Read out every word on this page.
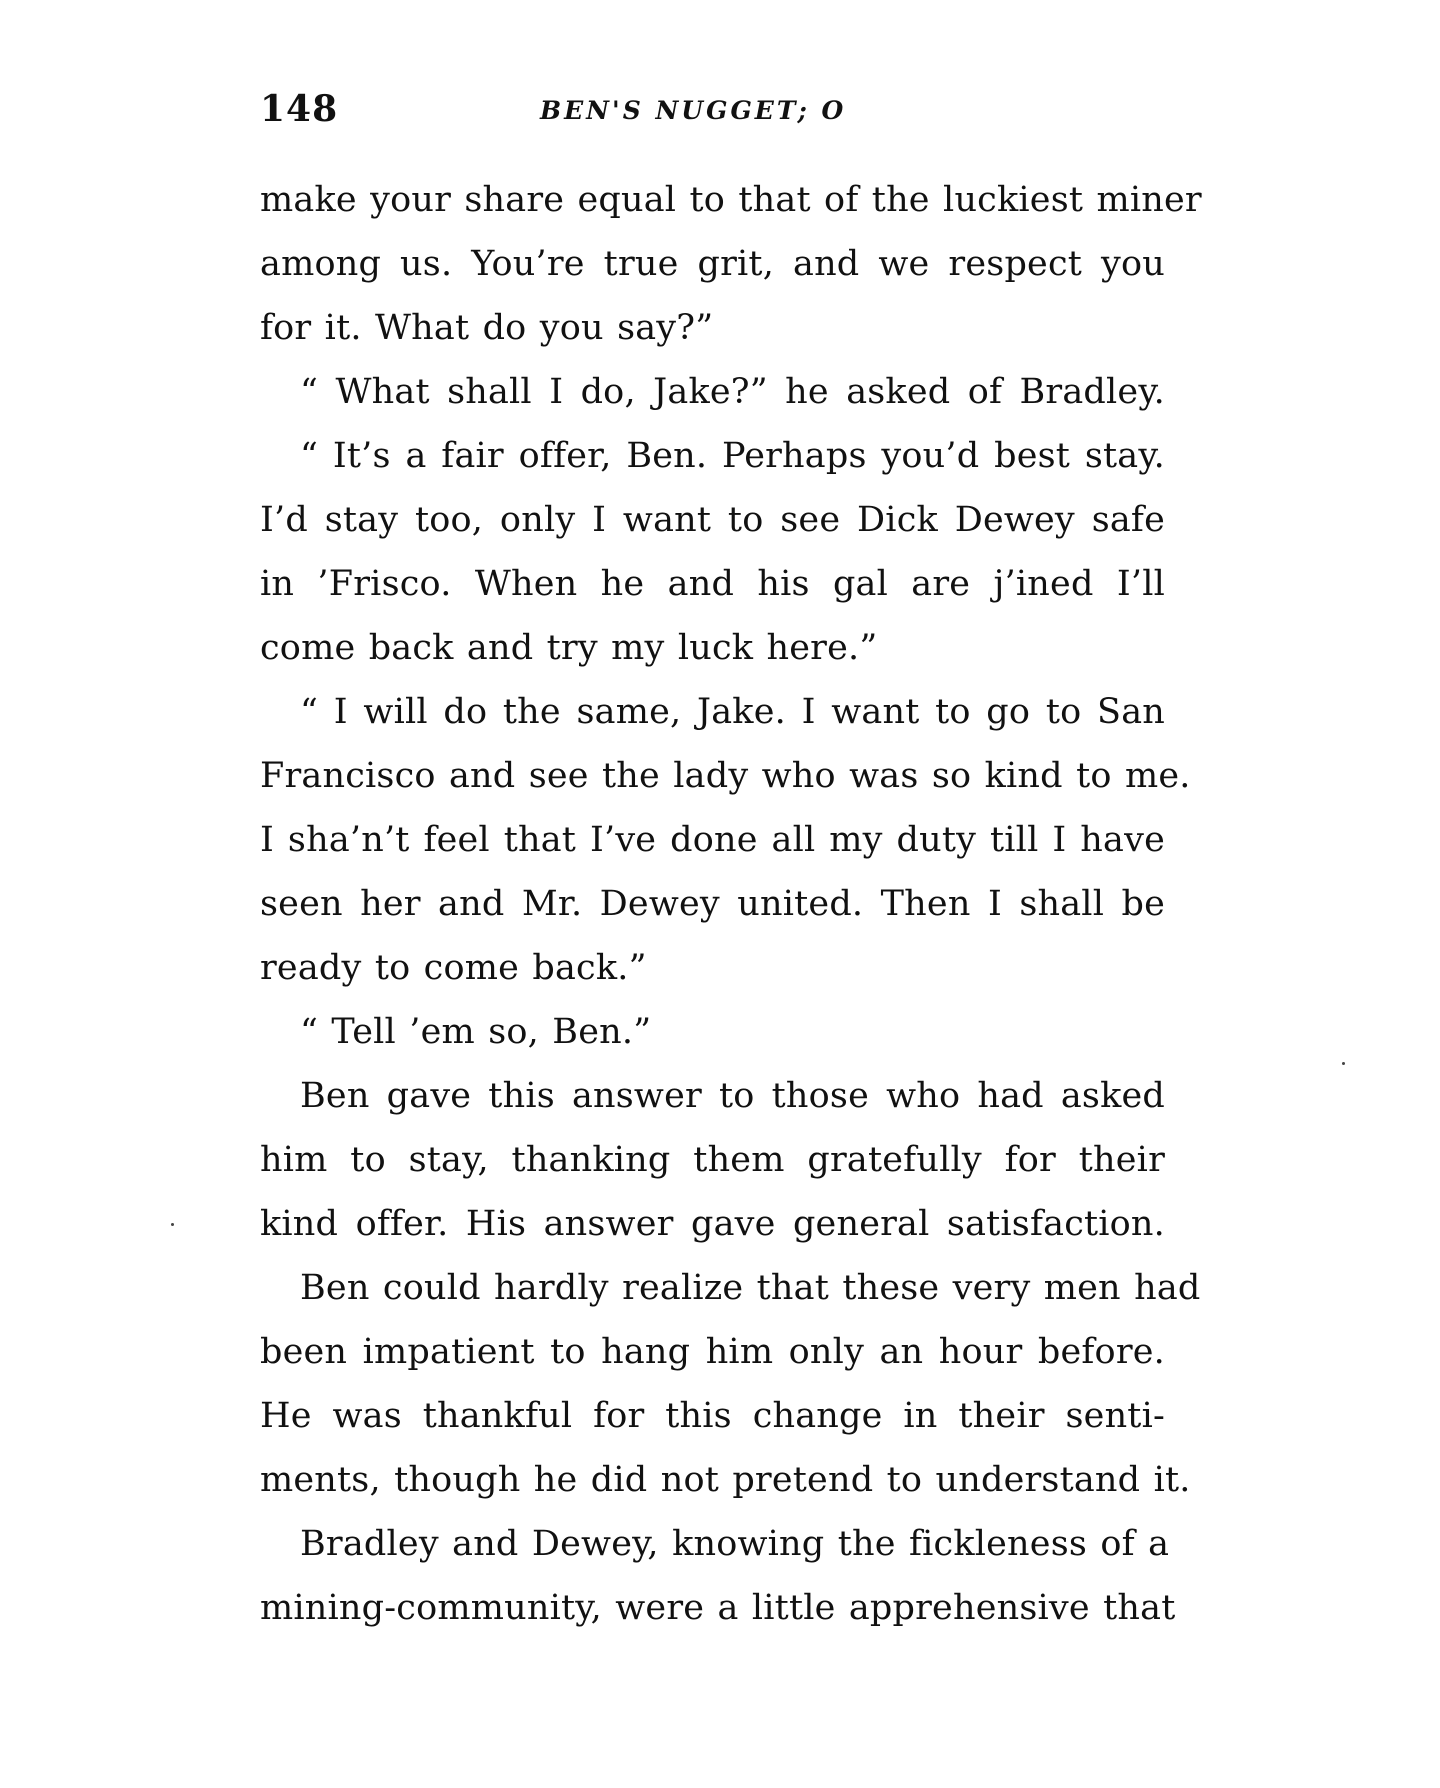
148	BEN'S NUGGET; O
make your share equal to that of the luckiest miner
among us. You’re true grit, and we respect you
for it. What do you say?”
“ What shall I do, Jake?” he asked of Bradley.
“ It’s a fair offer, Ben. Perhaps you’d best stay.
I’d stay too, only I want to see Dick Dewey safe
in ’Frisco. When he and his gal are j’ined I’ll
come back and try my luck here.”
“ I will do the same, Jake. I want to go to San
Francisco and see the lady who was so kind to me.
I sha’n’t feel that I’ve done all my duty till I have
seen her and Mr. Dewey united. Then I shall be
ready to come back.”
“ Tell ’em so, Ben.”
Ben gave this answer to those who had asked
him to stay, thanking them gratefully for their
kind offer. His answer gave general satisfaction.
Ben could hardly realize that these very men had
been impatient to hang him only an hour before.
He was thankful for this change in their senti-
ments, though he did not pretend to understand it.
Bradley and Dewey, knowing the fickleness of a
mining-community, were a little apprehensive that
